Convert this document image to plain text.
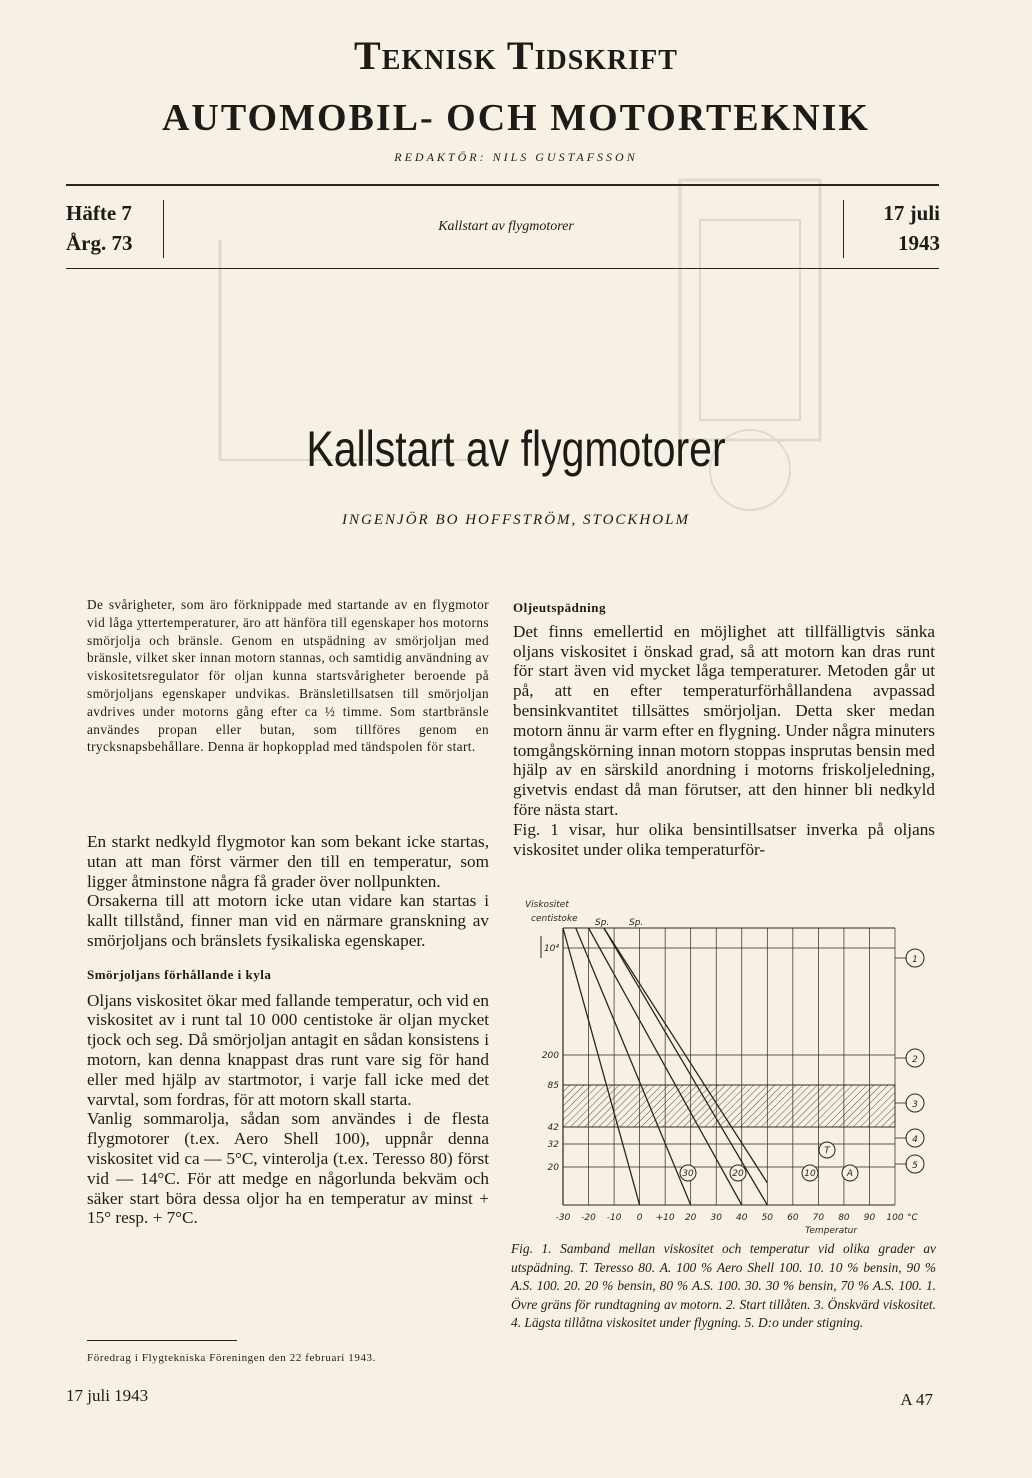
Teknisk Tidskrift
AUTOMOBIL- OCH MOTORTEKNIK
REDAKTÖR: NILS GUSTAFSSON
Häfte 7
Årg. 73
Kallstart av flygmotorer
17 juli
1943
Kallstart av flygmotorer
INGENJÖR BO HOFFSTRÖM, STOCKHOLM
De svårigheter, som äro förknippade med startande av en flygmotor vid låga yttertemperaturer, äro att hänföra till egenskaper hos motorns smörjolja och bränsle. Genom en utspädning av smörjoljan med bränsle, vilket sker innan motorn stannas, och samtidig användning av viskositetsregulator för oljan kunna startsvårigheter beroende på smörjoljans egenskaper undvikas. Bränsletillsatsen till smörjoljan avdrives under motorns gång efter ca ½ timme. Som startbränsle användes propan eller butan, som tillföres genom en trycksnapsbehållare. Denna är hopkopplad med tändspolen för start.

En starkt nedkyld flygmotor kan som bekant icke startas, utan att man först värmer den till en temperatur, som ligger åtminstone några få grader över nollpunkten.

Orsakerna till att motorn icke utan vidare kan startas i kallt tillstånd, finner man vid en närmare granskning av smörjoljans och bränslets fysikaliska egenskaper.

Smörjoljans förhållande i kyla

Oljans viskositet ökar med fallande temperatur, och vid en viskositet av i runt tal 10 000 centistoke är oljan mycket tjock och seg. Då smörjoljan antagit en sådan konsistens i motorn, kan denna knappast dras runt vare sig för hand eller med hjälp av startmotor, i varje fall icke med det varvtal, som fordras, för att motorn skall starta.

Vanlig sommarolja, sådan som användes i de flesta flygmotorer (t.ex. Aero Shell 100), uppnår denna viskositet vid ca — 5°C, vinterolja (t.ex. Teresso 80) först vid — 14°C. För att medge en någorlunda bekväm och säker start böra dessa oljor ha en temperatur av minst + 15° resp. + 7°C.

Föredrag i Flygtekniska Föreningen den 22 februari 1943.
Oljeutspädning

Det finns emellertid en möjlighet att tillfälligtvis sänka oljans viskositet i önskad grad, så att motorn kan dras runt för start även vid mycket låga temperaturer. Metoden går ut på, att en efter temperaturförhållandena avpassad bensinkvantitet tillsättes smörjoljan. Detta sker medan motorn ännu är varm efter en flygning. Under några minuters tomgångskörning innan motorn stoppas insprutas bensin med hjälp av en särskild anordning i motorns friskoljeledning, givetvis endast då man förutser, att den hinner bli nedkyld före nästa start.

Fig. 1 visar, hur olika bensintillsatser inverka på oljans viskositet under olika temperaturför-

Viskositet
centistoke
-30 -20 -10 0 +10 20 30 40 50 60 70 80 90 100 °C
Temperatur
10⁴
200
85
42
32
20
Sp. Sp.
30	20	10	A
T
1
2
3
4
5
Fig. 1. Samband mellan viskositet och temperatur vid olika grader av utspädning. T. Teresso 80. A. 100 % Aero Shell 100. 10. 10 % bensin, 90 % A.S. 100. 20. 20 % bensin, 80 % A.S. 100. 30. 30 % bensin, 70 % A.S. 100. 1. Övre gräns för rundtagning av motorn. 2. Start tillåten. 3. Önskvärd viskositet. 4. Lägsta tillåtna viskositet under flygning. 5. D:o under stigning.
17 juli 1943	A 47
